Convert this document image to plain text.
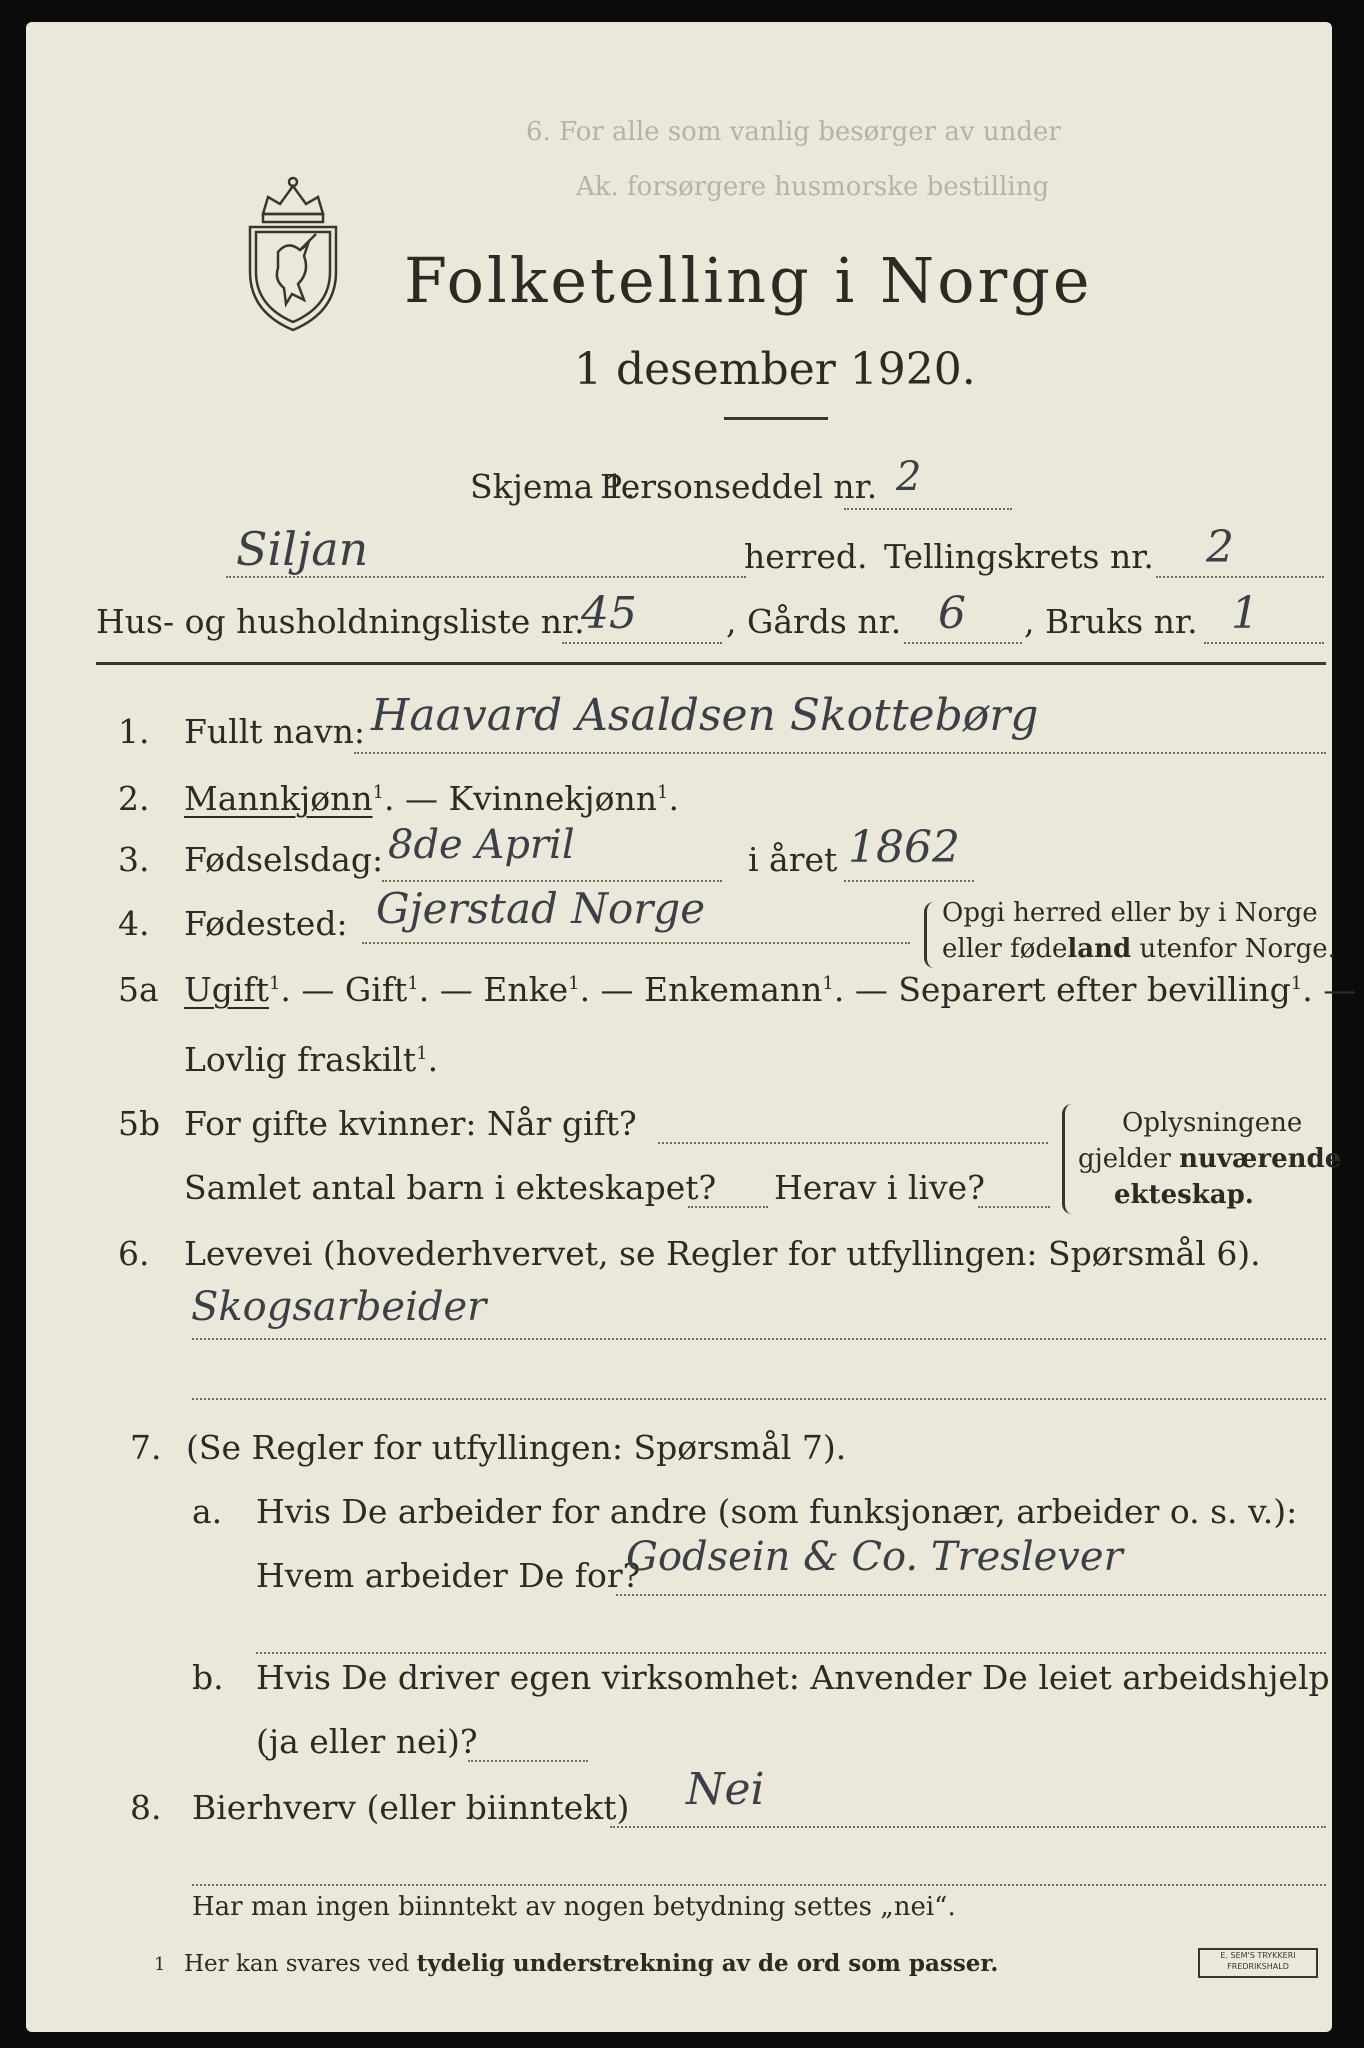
6. For alle som vanlig besørger av under
Ak. forsørgere husmorske bestilling
Folketelling i Norge
1 desember 1920.
Skjema 1.
Personseddel nr. 2
Siljan	herred. Tellingskrets nr. 2
Hus- og husholdningsliste nr.
45	, Gårds nr. 6 , Bruks nr. 1
1. Fullt navn: Haavard Asaldsen Skottebørg
2. Mannkjønn$^1$. — Kvinnekjønn$^1$.
3. Fødselsdag: 8de April	i året 1862
4. Fødested: Gjerstad Norge	Opgi herred eller by i Norge
eller fødeland utenfor Norge.
5a Ugift$^1$. — Gift$^1$. — Enke$^1$. — Enkemann$^1$. — Separert efter bevilling$^1$. —
Lovlig fraskilt$^1$.
5b For gifte kvinner: Når gift?
Samlet antal barn i ekteskapet? Herav i live?
Oplysningene
gjelder nuværende
ekteskap.
6. Levevei (hovederhvervet, se Regler for utfyllingen: Spørsmål 6).
Skogsarbeider
7. (Se Regler for utfyllingen: Spørsmål 7).
a. Hvis De arbeider for andre (som funksjonær, arbeider o. s. v.):
Hvem arbeider De for?
Godsein & Co. Treslever
b. Hvis De driver egen virksomhet: Anvender De leiet arbeidshjelp
(ja eller nei)?
8. Bierhverv (eller biinntekt) Nei
Har man ingen biinntekt av nogen betydning settes „nei“.
1 Her kan svares ved tydelig understrekning av de ord som passer.	E. SEM'S TRYKKERI
FREDRIKSHALD
